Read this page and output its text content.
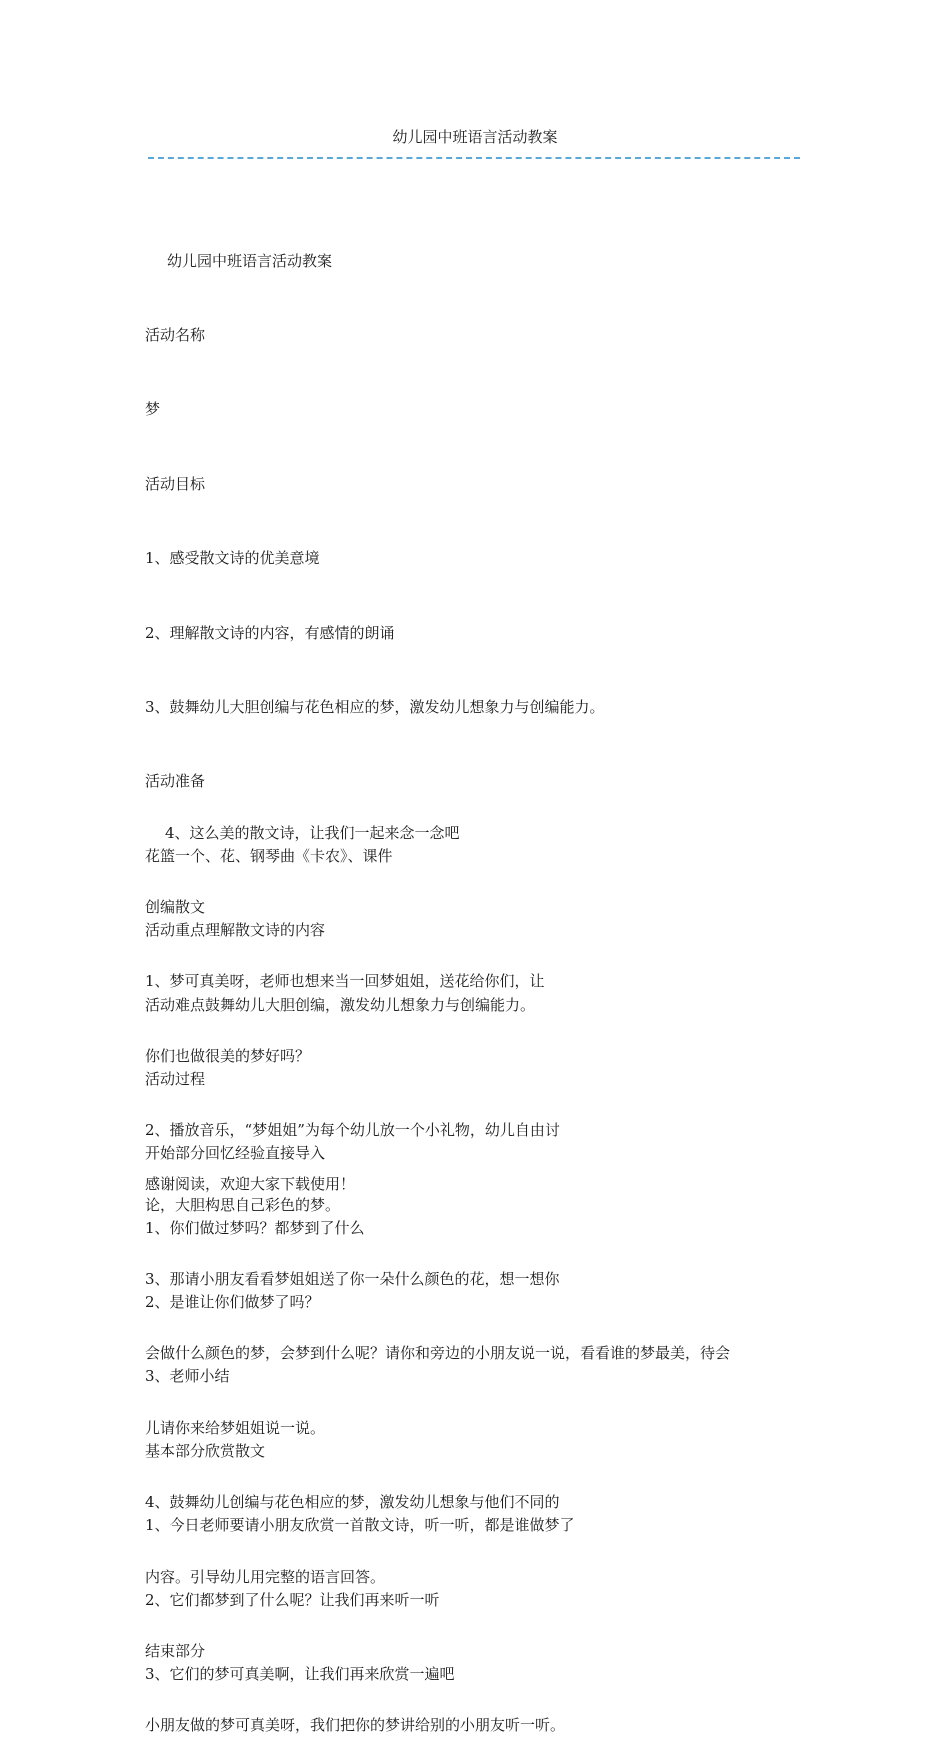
幼儿园中班语言活动教案

幼儿园中班语言活动教案

活动名称

梦

活动目标

1、感受散文诗的优美意境

2、理解散文诗的内容，有感情的朗诵

3、鼓舞幼儿大胆创编与花色相应的梦，激发幼儿想象力与创编能力。

活动准备

花篮一个、花、钢琴曲《卡农》、课件

活动重点理解散文诗的内容

活动难点鼓舞幼儿大胆创编，激发幼儿想象力与创编能力。

活动过程

开始部分回忆经验直接导入

1、你们做过梦吗？都梦到了什么

2、是谁让你们做梦了吗？

3、老师小结

基本部分欣赏散文

1、今日老师要请小朋友欣赏一首散文诗，听一听，都是谁做梦了

2、它们都梦到了什么呢？让我们再来听一听

3、它们的梦可真美啊，让我们再来欣赏一遍吧

4、这么美的散文诗，让我们一起来念一念吧

创编散文

1、梦可真美呀，老师也想来当一回梦姐姐，送花给你们，让

你们也做很美的梦好吗？

2、播放音乐，“梦姐姐”为每个幼儿放一个小礼物，幼儿自由讨

论，大胆构思自己彩色的梦。

3、那请小朋友看看梦姐姐送了你一朵什么颜色的花，想一想你

会做什么颜色的梦，会梦到什么呢？请你和旁边的小朋友说一说，看看谁的梦最美，待会

儿请你来给梦姐姐说一说。

4、鼓舞幼儿创编与花色相应的梦，激发幼儿想象与他们不同的

内容。引导幼儿用完整的语言回答。

结束部分

小朋友做的梦可真美呀，我们把你的梦讲给别的小朋友听一听。

感谢阅读，欢迎大家下载使用！
